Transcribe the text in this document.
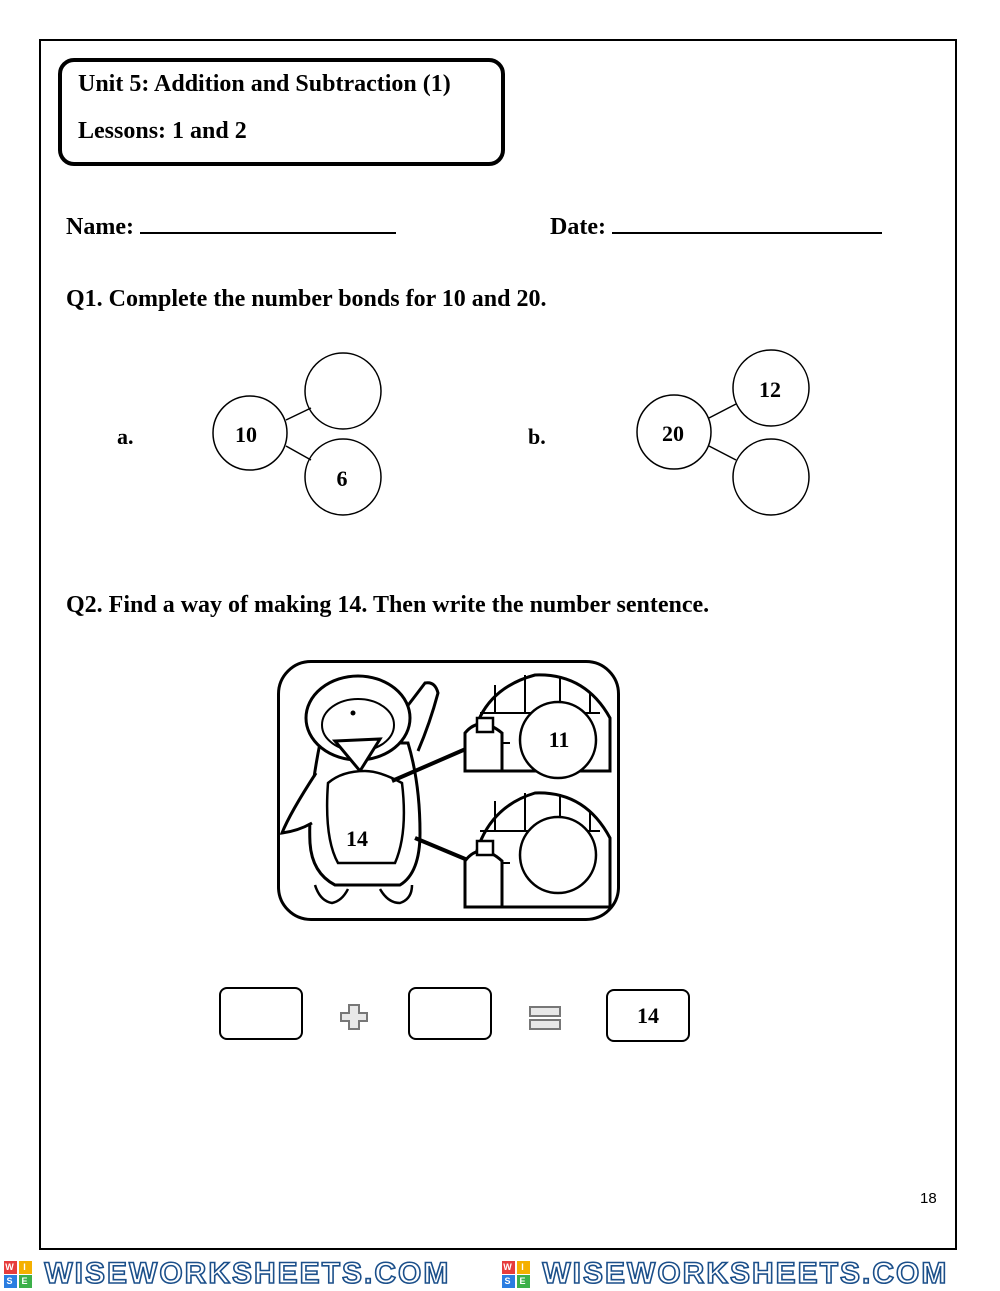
Unit 5: Addition and Subtraction (1)
Lessons: 1 and 2
Name:	Date:
Q1. Complete the number bonds for 10 and 20.
a.	b.
10
6
20
12
Q2. Find a way of making 14. Then write the number sentence.
14
11
14
18
W I
S E WISEWORKSHEETS.COM	W I
S E WISEWORKSHEETS.COM
